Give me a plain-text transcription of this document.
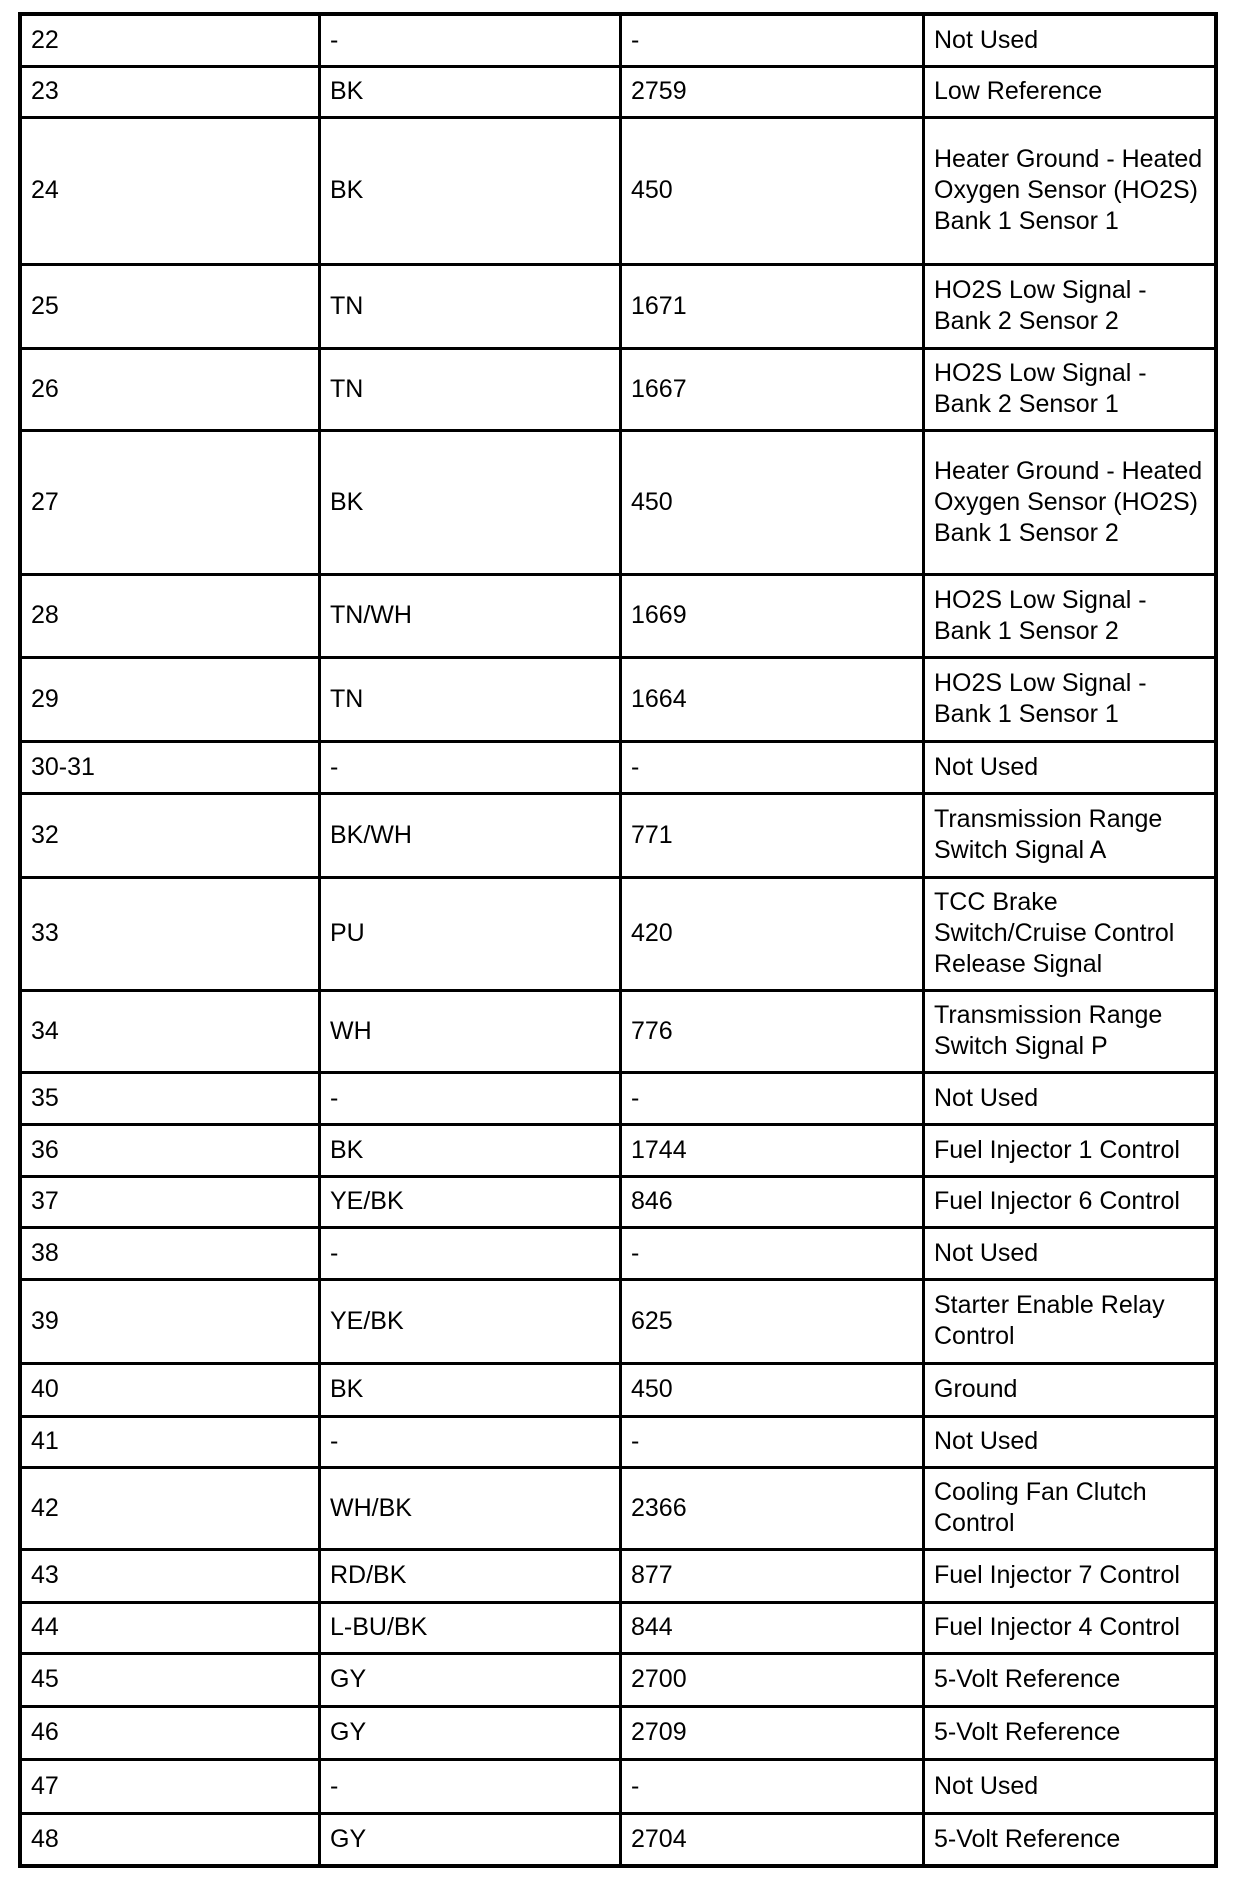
22	-	-	Not Used
23	BK	2759	Low Reference
24	BK	450	Heater Ground - Heated Oxygen Sensor (HO2S) Bank 1 Sensor 1
25	TN	1671	HO2S Low Signal - Bank 2 Sensor 2
26	TN	1667	HO2S Low Signal - Bank 2 Sensor 1
27	BK	450	Heater Ground - Heated Oxygen Sensor (HO2S) Bank 1 Sensor 2
28	TN/WH	1669	HO2S Low Signal - Bank 1 Sensor 2
29	TN	1664	HO2S Low Signal - Bank 1 Sensor 1
30-31	-	-	Not Used
32	BK/WH	771	Transmission Range Switch Signal A
33	PU	420	TCC Brake Switch/Cruise Control Release Signal
34	WH	776	Transmission Range Switch Signal P
35	-	-	Not Used
36	BK	1744	Fuel Injector 1 Control
37	YE/BK	846	Fuel Injector 6 Control
38	-	-	Not Used
39	YE/BK	625	Starter Enable Relay Control
40	BK	450	Ground
41	-	-	Not Used
42	WH/BK	2366	Cooling Fan Clutch Control
43	RD/BK	877	Fuel Injector 7 Control
44	L-BU/BK	844	Fuel Injector 4 Control
45	GY	2700	5-Volt Reference
46	GY	2709	5-Volt Reference
47	-	-	Not Used
48	GY	2704	5-Volt Reference
